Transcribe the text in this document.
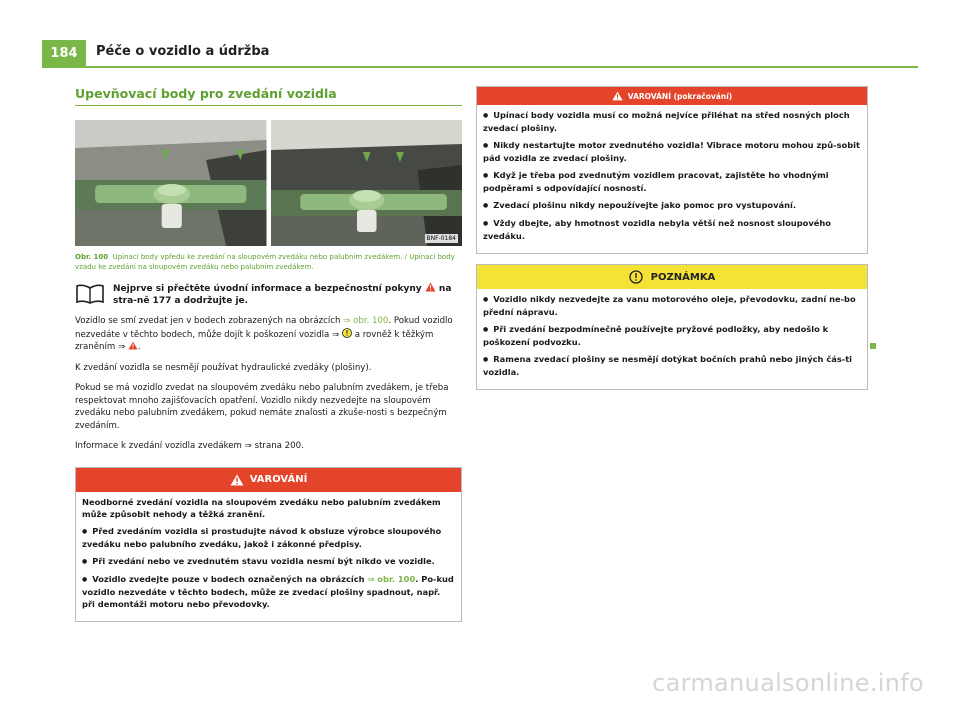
184	Péče o vozidlo a údržba
Upevňovací body pro zvedání vozidla
BNF-0184
Obr. 100 Upínací body vpředu ke zvedání na sloupovém zvedáku nebo palubním zvedákem. / Upínací body vzadu ke zvedání na sloupovém zvedáku nebo palubním zvedákem.
Nejprve si přečtěte úvodní informace a bezpečnostní pokyny na stra-ně 177 a dodržujte je.

Vozidlo se smí zvedat jen v bodech zobrazených na obrázcích ⇒ obr. 100. Pokud vozidlo nezvedáte v těchto bodech, může dojít k poškození vozidla ⇒  a rovněž k těžkým zraněním ⇒ .

K zvedání vozidla se nesmějí používat hydraulické zvedáky (plošiny).

Pokud se má vozidlo zvedat na sloupovém zvedáku nebo palubním zvedákem, je třeba respektovat mnoho zajišťovacích opatření. Vozidlo nikdy nezvedejte na sloupovém zvedáku nebo palubním zvedákem, pokud nemáte znalosti a zkuše-nosti s bezpečným zvedáním.

Informace k zvedání vozidla zvedákem ⇒ strana 200.

VAROVÁNÍ
Neodborné zvedání vozidla na sloupovém zvedáku nebo palubním zvedákem může způsobit nehody a těžká zranění.
● Před zvedáním vozidla si prostudujte návod k obsluze výrobce sloupového zvedáku nebo palubního zvedáku, jakož i zákonné předpisy.
● Při zvedání nebo ve zvednutém stavu vozidla nesmí být nikdo ve vozidle.
● Vozidlo zvedejte pouze v bodech označených na obrázcích ⇒ obr. 100. Po-kud vozidlo nezvedáte v těchto bodech, může ze zvedací plošiny spadnout, např. při demontáži motoru nebo převodovky.
VAROVÁNÍ (pokračování)
● Upínací body vozidla musí co možná nejvíce přiléhat na střed nosných ploch zvedací plošiny.
● Nikdy nestartujte motor zvednutého vozidla! Vibrace motoru mohou způ-sobit pád vozidla ze zvedací plošiny.
● Když je třeba pod zvednutým vozidlem pracovat, zajistěte ho vhodnými podpěrami s odpovídající nosností.
● Zvedací plošinu nikdy nepoužívejte jako pomoc pro vystupování.
● Vždy dbejte, aby hmotnost vozidla nebyla větší než nosnost sloupového zvedáku.
POZNÁMKA
● Vozidlo nikdy nezvedejte za vanu motorového oleje, převodovku, zadní ne-bo přední nápravu.
● Při zvedání bezpodmínečně používejte pryžové podložky, aby nedošlo k poškození podvozku.
● Ramena zvedací plošiny se nesmějí dotýkat bočních prahů nebo jiných čás-ti vozidla.
carmanualsonline.info
